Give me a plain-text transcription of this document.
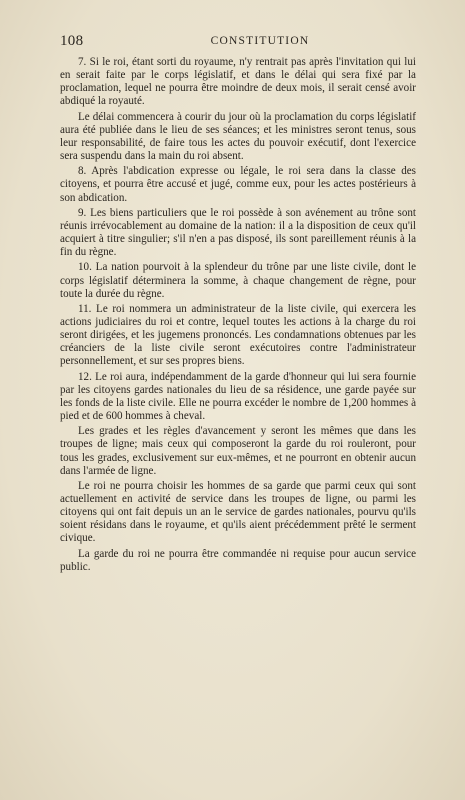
108	CONSTITUTION

7. Si le roi, étant sorti du royaume, n'y rentrait pas après l'invitation qui lui en serait faite par le corps législatif, et dans le délai qui sera fixé par la proclamation, lequel ne pourra être moindre de deux mois, il serait censé avoir abdiqué la royauté.

Le délai commencera à courir du jour où la proclamation du corps législatif aura été publiée dans le lieu de ses séances; et les ministres seront tenus, sous leur responsabilité, de faire tous les actes du pouvoir exécutif, dont l'exercice sera suspendu dans la main du roi absent.

8. Après l'abdication expresse ou légale, le roi sera dans la classe des citoyens, et pourra être accusé et jugé, comme eux, pour les actes postérieurs à son abdication.

9. Les biens particuliers que le roi possède à son avénement au trône sont réunis irrévocablement au domaine de la nation: il a la disposition de ceux qu'il acquiert à titre singulier; s'il n'en a pas disposé, ils sont pareillement réunis à la fin du règne.

10. La nation pourvoit à la splendeur du trône par une liste civile, dont le corps législatif déterminera la somme, à chaque changement de règne, pour toute la durée du règne.

11. Le roi nommera un administrateur de la liste civile, qui exercera les actions judiciaires du roi et contre, lequel toutes les actions à la charge du roi seront dirigées, et les jugemens prononcés. Les condamnations obtenues par les créanciers de la liste civile seront exécutoires contre l'administrateur personnellement, et sur ses propres biens.

12. Le roi aura, indépendamment de la garde d'honneur qui lui sera fournie par les citoyens gardes nationales du lieu de sa résidence, une garde payée sur les fonds de la liste civile. Elle ne pourra excéder le nombre de 1,200 hommes à pied et de 600 hommes à cheval.

Les grades et les règles d'avancement y seront les mêmes que dans les troupes de ligne; mais ceux qui composeront la garde du roi rouleront, pour tous les grades, exclusivement sur eux-mêmes, et ne pourront en obtenir aucun dans l'armée de ligne.

Le roi ne pourra choisir les hommes de sa garde que parmi ceux qui sont actuellement en activité de service dans les troupes de ligne, ou parmi les citoyens qui ont fait depuis un an le service de gardes nationales, pourvu qu'ils soient résidans dans le royaume, et qu'ils aient précédemment prêté le serment civique.

La garde du roi ne pourra être commandée ni requise pour aucun service public.
